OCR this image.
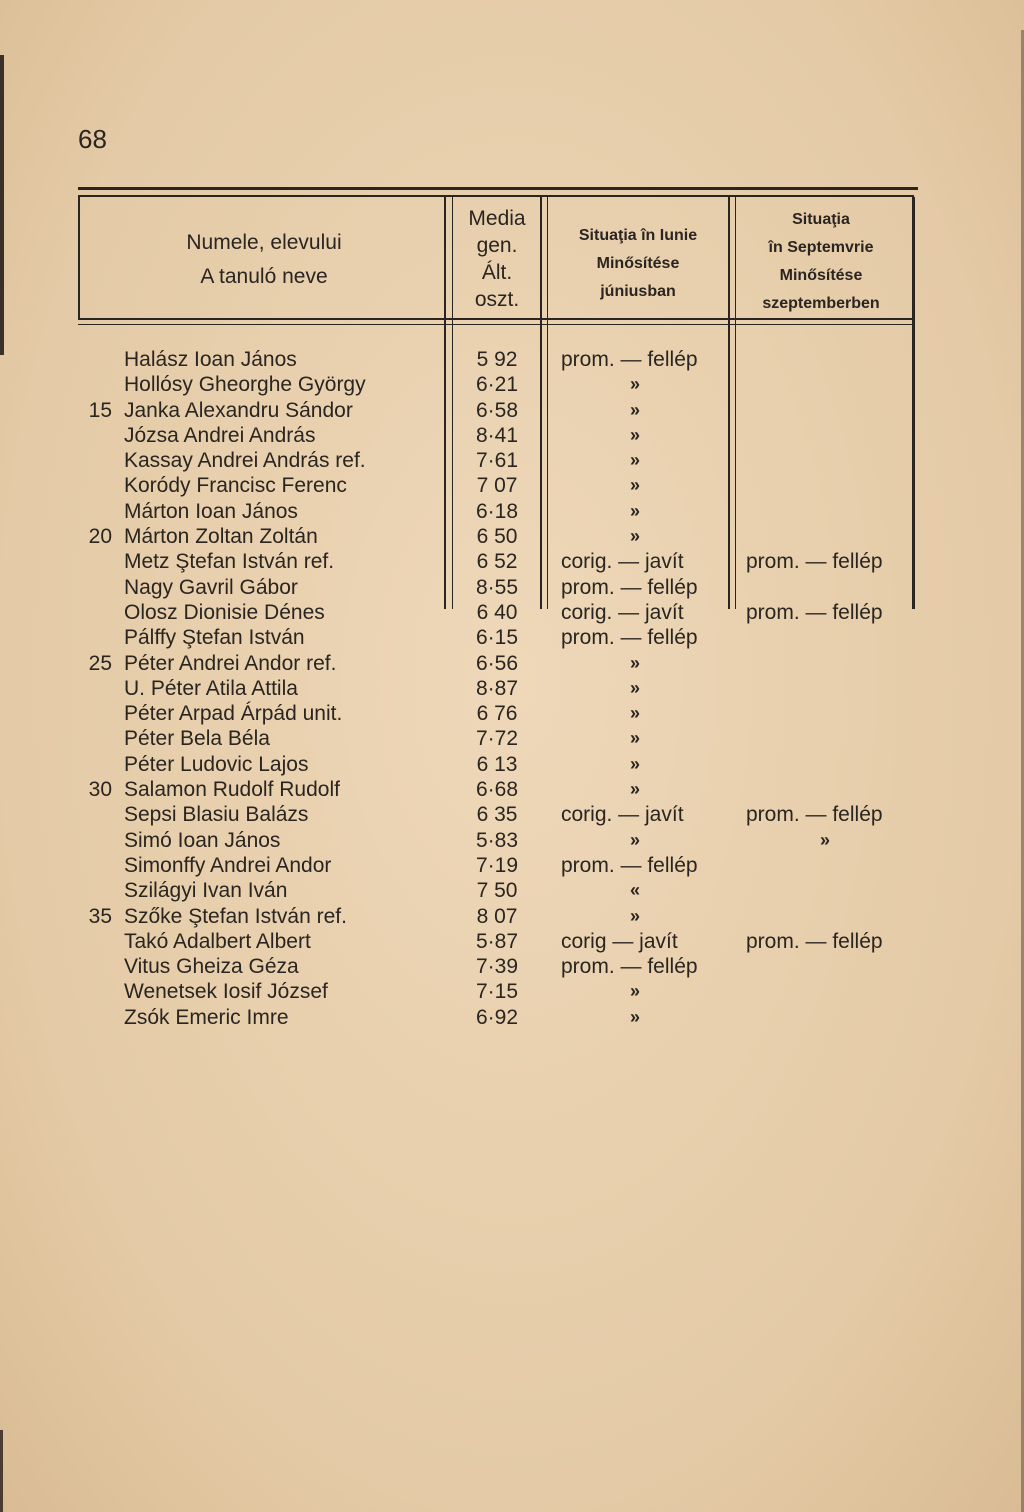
68
Numele, elevului
A tanuló neve
Media
gen.
Ált.
oszt.
Situaţia în Iunie
Minősítése
júniusban
Situaţia
în Septemvrie
Minősítése
szeptemberben
Halász Ioan János	5 92	prom. — fellép
Hollósy Gheorghe György	6·21	»
15 Janka Alexandru Sándor	6·58	»
Józsa Andrei András	8·41	»
Kassay Andrei András ref.	7·61	»
Koródy Francisc Ferenc	7 07	»
Márton Ioan János	6·18	»
20 Márton Zoltan Zoltán	6 50	»
Metz Ştefan István ref.	6 52	corig. — javít	prom. — fellép
Nagy Gavril Gábor	8·55	prom. — fellép
Olosz Dionisie Dénes	6 40	corig. — javít	prom. — fellép
Pálffy Ştefan István	6·15	prom. — fellép
25 Péter Andrei Andor ref.	6·56	»
U. Péter Atila Attila	8·87	»
Péter Arpad Árpád unit.	6 76	»
Péter Bela Béla	7·72	»
Péter Ludovic Lajos	6 13	»
30 Salamon Rudolf Rudolf	6·68	»
Sepsi Blasiu Balázs	6 35	corig. — javít	prom. — fellép
Simó Ioan János	5·83	»	»
Simonffy Andrei Andor	7·19	prom. — fellép
Szilágyi Ivan Iván	7 50	«
35 Szőke Ştefan István ref.	8 07	»
Takó Adalbert Albert	5·87	corig — javít	prom. — fellép
Vitus Gheiza Géza	7·39	prom. — fellép
Wenetsek Iosif József	7·15	»
Zsók Emeric Imre	6·92	»
